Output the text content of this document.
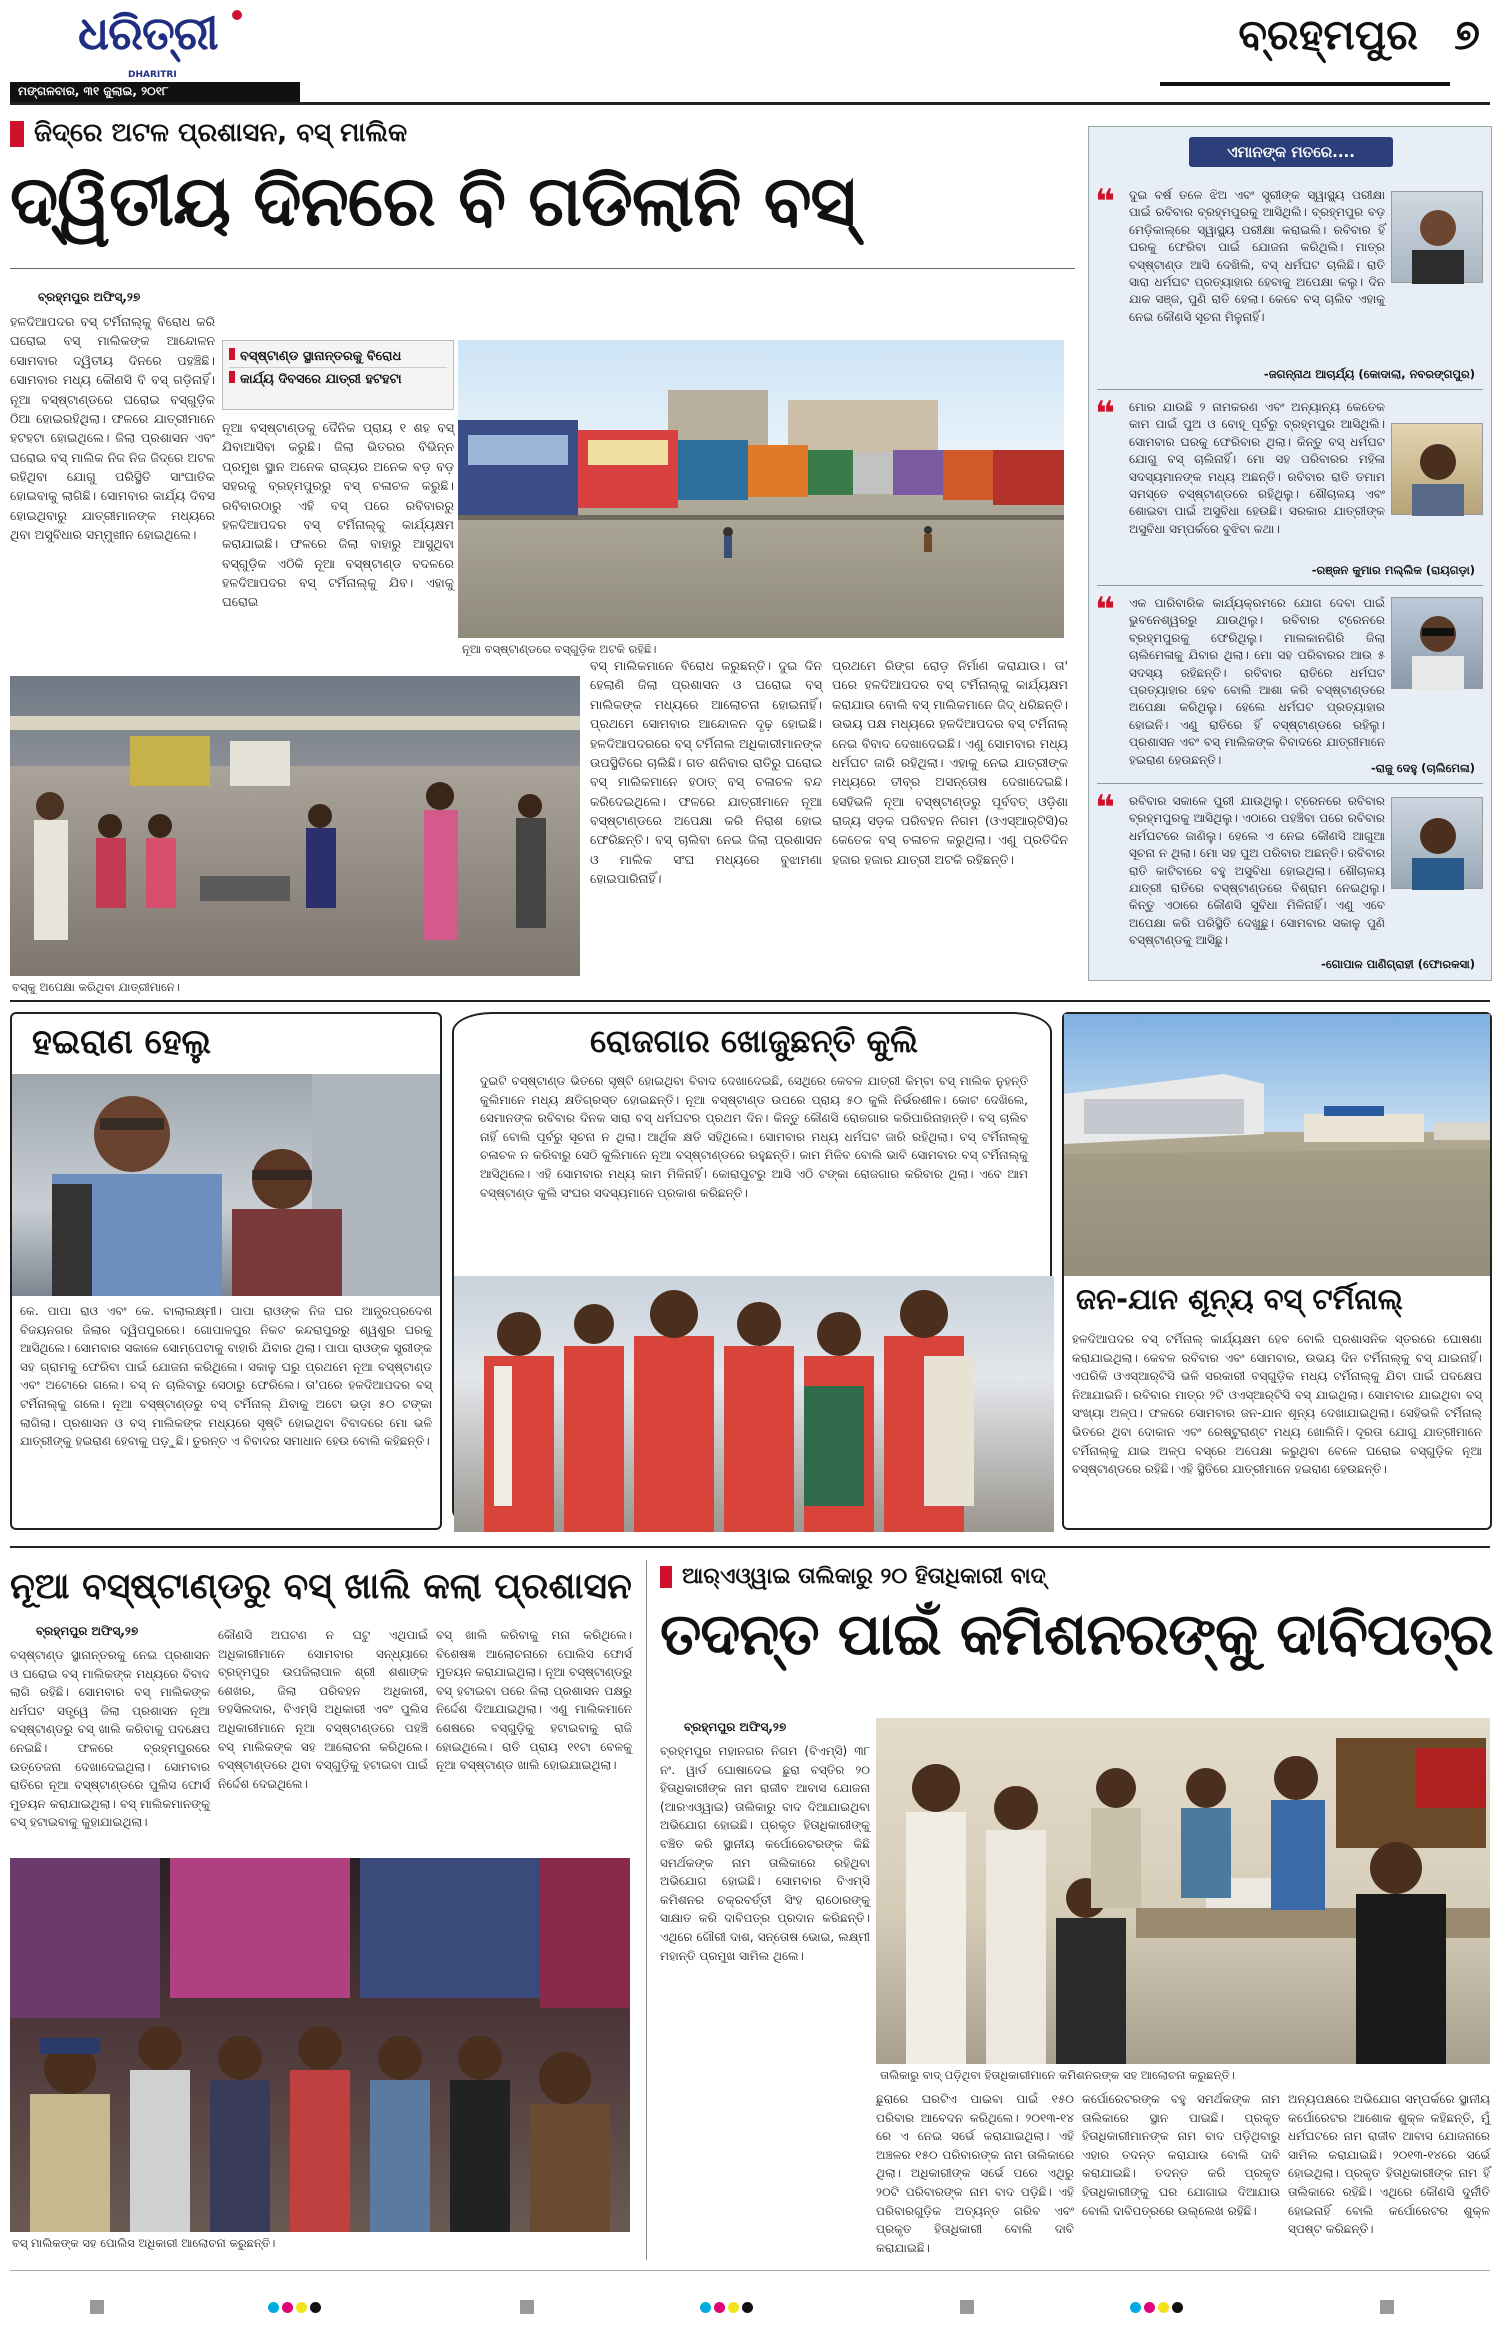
ଧରିତ୍ରୀ
DHARITRI
ମଙ୍ଗଳବାର, ୩୧ ଜୁଲାଇ, ୨୦୧୮
ବ୍ରହ୍ମପୁର ୭
ଜିଦ୍‌ରେ ଅଟଳ ପ୍ରଶାସନ, ବସ୍ ମାଲିକ
ଦ୍ୱିତୀୟ ଦିନରେ ବି ଗଡିଲାନି ବସ୍
ବ୍ରହ୍ମପୁର ଅଫିସ୍,୨୭
ହଳଦିଆପଦର ବସ୍ ଟର୍ମିନାଲ୍‌କୁ ବିରୋଧ କରି ଘରୋଇ ବସ୍ ମାଲିକଙ୍କ ଆନ୍ଦୋଳନ ସୋମବାର ଦ୍ୱିତୀୟ ଦିନରେ ପହଞ୍ଚିଛି। ସୋମବାର ମଧ୍ୟ କୌଣସି ବି ବସ୍ ଗଡ଼ିନାହିଁ। ନୂଆ ବସ୍‌ଷ୍ଟାଣ୍ଡରେ ଘରୋଇ ବସ୍‌ଗୁଡ଼ିକ ଠିଆ ହୋଇରହିଥିଲା। ଫଳରେ ଯାତ୍ରୀମାନେ ହଟହଟା ହୋଇଥିଲେ। ଜିଲା ପ୍ରଶାସନ ଏବଂ ଘରୋଇ ବସ୍ ମାଲିକ ନିଜ ନିଜ ଜିଦ୍‌ରେ ଅଟଳ ରହିଥିବା ଯୋଗୁ ପରିସ୍ଥିତି ସାଂଘାତିକ ହୋଇବାକୁ ଲାଗିଛି। ସୋମବାର କାର୍ଯ୍ୟ ଦିବସ ହୋଇଥିବାରୁ ଯାତ୍ରୀମାନଙ୍କ ମଧ୍ୟରେ ଥିବା ଅସୁବିଧାର ସମ୍ମୁଖୀନ ହୋଇଥିଲେ।
ବସ୍‌ଷ୍ଟାଣ୍ଡ ସ୍ଥାନାନ୍ତରକୁ ବିରୋଧ
କାର୍ଯ୍ୟ ଦିବସରେ ଯାତ୍ରୀ ହଟହଟା
ନୂଆ ବସ୍‌ଷ୍ଟାଣ୍ଡକୁ ଦୈନିକ ପ୍ରାୟ ୧ ଶହ ବସ୍ ଯିବାଆସିବା କରୁଛି। ଜିଲା ଭିତରର ବିଭିନ୍ନ ପ୍ରମୁଖ ସ୍ଥାନ ଅନେକ ରାଜ୍ୟର ଅନେକ ବଡ଼ ବଡ଼ ସହରକୁ ବ୍ରହ୍ମପୁରରୁ ବସ୍ ଚଳାଚଳ କରୁଛି। ରବିବାରଠାରୁ ଏହି ବସ୍ ପରେ ରବିବାରରୁ ହଳଦିଆପଦର ବସ୍ ଟର୍ମିନାଲ୍‌କୁ କାର୍ଯ୍ୟକ୍ଷମ କରାଯାଇଛି। ଫଳରେ ଜିଲା ବାହାରୁ ଆସୁଥିବା ବସ୍‌ଗୁଡ଼ିକ ଏଠିକି ନୂଆ ବସ୍‌ଷ୍ଟାଣ୍ଡ ବଦଳରେ ହଳଦିଆପଦର ବସ୍ ଟର୍ମିନାଲ୍‌କୁ ଯିବ। ଏହାକୁ ଘରୋଇ
ନୂଆ ବସ୍‌ଷ୍ଟାଣ୍ଡରେ ବସ୍‌ଗୁଡ଼ିକ ଅଟକି ରହିଛି।
ବସ୍‌କୁ ଅପେକ୍ଷା କରିଥିବା ଯାତ୍ରୀମାନେ।
ବସ୍ ମାଲିକମାନେ ବିରୋଧ କରୁଛନ୍ତି। ଦୁଇ ଦିନ ହେଲାଣି ଜିଲା ପ୍ରଶାସନ ଓ ଘରୋଇ ବସ୍ ମାଲିକଙ୍କ ମଧ୍ୟରେ ଆଲୋଚନା ହୋଇନାହିଁ। ପ୍ରଥମେ ସୋମବାର ଆନ୍ଦୋଳନ ଦୃଢ଼ ହୋଇଛି। ହଳଦିଆପଦରରେ ବସ୍ ଟର୍ମିନାଲ ଅଧିକାରୀମାନଙ୍କ ଉପସ୍ଥିତିରେ ଚାଲିଛି। ଗତ ଶନିବାର ରାତିରୁ ଘରୋଇ ବସ୍ ମାଲିକମାନେ ହଠାତ୍ ବସ୍ ଚଳାଚଳ ବନ୍ଦ କରିଦେଇଥିଲେ। ଫଳରେ ଯାତ୍ରୀମାନେ ନୂଆ ବସ୍‌ଷ୍ଟାଣ୍ଡରେ ଅପେକ୍ଷା କରି ନିରାଶ ହୋଇ ଫେରିଛନ୍ତି। ବସ୍ ଚାଲିବା ନେଇ ଜିଲା ପ୍ରଶାସନ ଓ ମାଲିକ ସଂଘ ମଧ୍ୟରେ ବୁଝାମଣା ହୋଇପାରିନାହିଁ।
ପ୍ରଥମେ ରିଙ୍ଗ ରୋଡ଼ ନିର୍ମାଣ କରାଯାଉ। ତା' ପରେ ହଳଦିଆପଦର ବସ୍ ଟର୍ମିନାଲ୍‌କୁ କାର୍ଯ୍ୟକ୍ଷମ କରାଯାଉ ବୋଲି ବସ୍ ମାଲିକମାନେ ଜିଦ୍ ଧରିଛନ୍ତି। ଉଭୟ ପକ୍ଷ ମଧ୍ୟରେ ହଳଦିଆପଦର ବସ୍ ଟର୍ମିନାଲ୍ ନେଇ ବିବାଦ ଦେଖାଦେଇଛି। ଏଣୁ ସୋମବାର ମଧ୍ୟ ଧର୍ମଘଟ ଜାରି ରହିଥିଲା। ଏହାକୁ ନେଇ ଯାତ୍ରୀଙ୍କ ମଧ୍ୟରେ ତୀବ୍ର ଅସନ୍ତୋଷ ଦେଖାଦେଇଛି। ସେହିଭଳି ନୂଆ ବସ୍‌ଷ୍ଟାଣ୍ଡରୁ ପୂର୍ବବତ୍ ଓଡ଼ିଶା ରାଜ୍ୟ ସଡ଼କ ପରିବହନ ନିଗମ (ଓଏସ୍‌ଆର୍‌ଟିସି)ର କେତେକ ବସ୍ ଚଳାଚଳ କରୁଥିଲା। ଏଣୁ ପ୍ରତିଦିନ ହଜାର ହଜାର ଯାତ୍ରୀ ଅଟକି ରହିଛନ୍ତି।
ଏମାନଙ୍କ ମତରେ....
❝ ଦୁଇ ବର୍ଷ ତଳେ ଝିଅ ଏବଂ ସ୍ତ୍ରୀଙ୍କ ସ୍ୱାସ୍ଥ୍ୟ ପରୀକ୍ଷା ପାଇଁ ରବିବାର ବ୍ରହ୍ମପୁରକୁ ଆସିଥିଲି। ବ୍ରହ୍ମପୁର ବଡ଼ ମେଡ଼ିକାଲ୍‌ରେ ସ୍ୱାସ୍ଥ୍ୟ ପରୀକ୍ଷା କରାଇଲି। ରବିବାର ହିଁ ଘରକୁ ଫେରିବା ପାଇଁ ଯୋଜନା କରିଥିଲି। ମାତ୍ର ବସ୍‌ଷ୍ଟାଣ୍ଡ ଆସି ଦେଖିଲି, ବସ୍ ଧର୍ମଘଟ ଚାଲିଛି। ରାତି ସାରା ଧର୍ମଘଟ ପ୍ରତ୍ୟାହାର ହେବାକୁ ଅପେକ୍ଷା କଲୁ। ଦିନ ଯାକ ସଞ୍ଜ, ପୁଣି ରାତି ହେଲା। କେବେ ବସ୍ ଚାଲିବ ଏହାକୁ ନେଇ କୌଣସି ସୂଚନା ମିଳୁନାହିଁ।
-ଜଗନ୍ନାଥ ଆଚାର୍ଯ୍ୟ (କୋଦାଲା, ନବରଙ୍ଗପୁର)
❝ ମୋର ଯାଉଛି ୨ ନାମକରଣ ଏବଂ ଅନ୍ୟାନ୍ୟ କେତେକ କାମ ପାଇଁ ପୁଅ ଓ ବୋହୂ ପୂର୍ବରୁ ବ୍ରହ୍ମପୁର ଆସିଥିଲି। ସୋମବାର ଘରକୁ ଫେରିବାର ଥିଲା। କିନ୍ତୁ ବସ୍ ଧର୍ମଘଟ ଯୋଗୁ ବସ୍ ଚାଲିନାହିଁ। ମୋ ସହ ପରିବାରର ମହିଳା ସଦସ୍ୟମାନଙ୍କ ମଧ୍ୟ ଅଛନ୍ତି। ରବିବାର ରାତି ତମାମ ସମସ୍ତେ ବସ୍‌ଷ୍ଟାଣ୍ଡରେ ରହିଥିଲୁ। ଶୌଚାଳୟ ଏବଂ ଶୋଇବା ପାଇଁ ଅସୁବିଧା ହେଉଛି। ସରକାର ଯାତ୍ରୀଙ୍କ ଅସୁବିଧା ସମ୍ପର୍କରେ ବୁଝିବା କଥା।
-ରଞ୍ଜନ କୁମାର ମଲ୍ଲିକ (ରାୟଗଡ଼ା)
❝ ଏକ ପାରିବାରିକ କାର୍ଯ୍ୟକ୍ରମରେ ଯୋଗ ଦେବା ପାଇଁ ଭୁବନେଶ୍ୱରରୁ ଯାଉଥିଲୁ। ରବିବାର ଟ୍ରେନରେ ବ୍ରହ୍ମପୁରକୁ ଫେରିଥିଲୁ। ମାଲକାନଗିରି ଜିଲା ଚାଲିମେଳାକୁ ଯିବାର ଥିଲା। ମୋ ସହ ପରିବାରର ଆଉ ୫ ସଦସ୍ୟ ରହିଛନ୍ତି। ରବିବାର ରାତିରେ ଧର୍ମଘଟ ପ୍ରତ୍ୟାହାର ହେବ ବୋଲି ଆଶା କରି ବସ୍‌ଷ୍ଟାଣ୍ଡରେ ଅପେକ୍ଷା କରିଥିଲୁ। ହେଲେ ଧର୍ମଘଟ ପ୍ରତ୍ୟାହାର ହୋଇନି। ଏଣୁ ରାତିରେ ହିଁ ବସ୍‌ଷ୍ଟାଣ୍ଡରେ ରହିଲୁ। ପ୍ରଶାସନ ଏବଂ ବସ୍ ମାଲିକଙ୍କ ବିବାଦରେ ଯାତ୍ରୀମାନେ ହଇରାଣ ହେଉଛନ୍ତି।
-ରାଜୁ ଦେହୁ (ଚାଲିମେଳା)
❝ ରବିବାର ସକାଳେ ପୁରୀ ଯାଉଥିଲୁ। ଟ୍ରେନରେ ରବିବାର ବ୍ରହ୍ମପୁରକୁ ଆସିଥିଲୁ। ଏଠାରେ ପହଞ୍ଚିବା ପରେ ରବିବାର ଧର୍ମଘଟରେ ଜାଣିଲୁ। ହେଲେ ଏ ନେଇ କୌଣସି ଆଗୁଆ ସୂଚନା ନ ଥିଲା। ମୋ ସହ ପୁଅ ପରିବାର ଅଛନ୍ତି। ରବିବାର ରାତି କାଟିବାରେ ବହୁ ଅସୁବିଧା ହୋଇଥିଲା। ଶୌଚାଳୟ ଯାତ୍ରୀ ରାତିରେ ବସ୍‌ଷ୍ଟାଣ୍ଡରେ ବିଶ୍ରାମ ନେଇଥିଲୁ। କିନ୍ତୁ ଏଠାରେ କୌଣସି ସୁବିଧା ମିଳିନାହିଁ। ଏଣୁ ଏବେ ଅପେକ୍ଷା କରି ପରିସ୍ଥିତି ଦେଖୁଛୁ। ସୋମବାର ସକାଳୁ ପୁଣି ବସ୍‌ଷ୍ଟାଣ୍ଡକୁ ଆସିଛୁ।
-ଗୋପାଳ ପାଣିଗ୍ରାହୀ (ଫୋରକସା)
ହଇରାଣ ହେଲୁ
କେ. ପାପା ରାଓ ଏବଂ କେ. ବାଲାଲକ୍ଷ୍ମୀ। ପାପା ରାଓଙ୍କ ନିଜ ଘର ଆନ୍ଧ୍ରପ୍ରଦେଶ ବିଜୟନଗର ଜିଲାର ଦ୍ୱିପପୁରରେ। ଗୋପାଳପୁର ନିକଟ କନ୍ଦରାପୁରରୁ ଶ୍ୱଶୁର ଘରକୁ ଆସିଥିଲେ। ସୋମବାର ସକାଳେ ସୋମ୍ପେଟାକୁ ବାହାରି ଯିବାର ଥିଲା। ପାପା ରାଓଙ୍କ ସ୍ତ୍ରୀଙ୍କ ସହ ଗ୍ରାମକୁ ଫେରିବା ପାଇଁ ଯୋଜନା କରିଥିଲେ। ସକାଳୁ ଘରୁ ପ୍ରଥମେ ନୂଆ ବସ୍‌ଷ୍ଟାଣ୍ଡ ଏବଂ ଅଟୋରେ ଗଲେ। ବସ୍ ନ ଚାଲିବାରୁ ସେଠାରୁ ଫେରିଲେ। ତା'ପରେ ହଳଦିଆପଦର ବସ୍ ଟର୍ମିନାଲ୍‌କୁ ଗଲେ। ନୂଆ ବସ୍‌ଷ୍ଟାଣ୍ଡରୁ ବସ୍ ଟର୍ମିନାଲ୍ ଯିବାକୁ ଅଟୋ ଭଡ଼ା ୫୦ ଟଙ୍କା ଲାଗିଲା। ପ୍ରଶାସନ ଓ ବସ୍ ମାଲିକଙ୍କ ମଧ୍ୟରେ ସୃଷ୍ଟି ହୋଇଥିବା ବିବାଦରେ ମୋ ଭଳି ଯାତ୍ରୀଙ୍କୁ ହଇରାଣ ହେବାକୁ ପଡ଼ୁଛି। ତୁରନ୍ତ ଏ ବିବାଦର ସମାଧାନ ହେଉ ବୋଲି କହିଛନ୍ତି।
ରୋଜଗାର ଖୋଜୁଛନ୍ତି କୁଲି
ଦୁଇଟି ବସ୍‌ଷ୍ଟାଣ୍ଡ ଭିତରେ ସୃଷ୍ଟି ହୋଇଥିବା ବିବାଦ ଦେଖାଦେଇଛି, ସେଥିରେ କେବଳ ଯାତ୍ରୀ କିମ୍ବା ବସ୍ ମାଲିକ ନୁହନ୍ତି କୁଲିମାନେ ମଧ୍ୟ କ୍ଷତିଗ୍ରସ୍ତ ହୋଇଛନ୍ତି। ନୂଆ ବସ୍‌ଷ୍ଟାଣ୍ଡ ଉପରେ ପ୍ରାୟ ୫୦ କୁଲି ନିର୍ଭରଶୀଳ। କୋଟ ଦେଖିଲେ, ସେମାନଙ୍କ ରବିବାର ଦିନକ ସାରା ବସ୍ ଧର୍ମଘଟର ପ୍ରଥମ ଦିନ। କିନ୍ତୁ କୌଣସି ରୋଜଗାର କରିପାରିନାହାନ୍ତି। ବସ୍ ଚାଲିବ ନାହିଁ ବୋଲି ପୂର୍ବରୁ ସୂଚନା ନ ଥିଲା। ଆର୍ଥିକ କ୍ଷତି ସହିଥିଲେ। ସୋମବାର ମଧ୍ୟ ଧର୍ମଘଟ ଜାରି ରହିଥିଲା। ବସ୍ ଟର୍ମିନାଲ୍‌କୁ ଚଳାଚଳ ନ କରିବାରୁ ସେଠି କୁଲିମାନେ ନୂଆ ବସ୍‌ଷ୍ଟାଣ୍ଡରେ ରହୁଛନ୍ତି। କାମ ମିଳିବ ବୋଲି ଭାବି ସୋମବାର ବସ୍ ଟର୍ମିନାଲ୍‌କୁ ଆସିଥିଲେ। ଏହି ସୋମବାର ମଧ୍ୟ କାମ ମିଳିନାହିଁ। କୋରାପୁଟରୁ ଆସି ଏଠି ଟଙ୍କା ରୋଜଗାର କରିବାର ଥିଲା। ଏବେ ଆମ ବସ୍‌ଷ୍ଟାଣ୍ଡ କୁଲି ସଂଘର ସଦସ୍ୟମାନେ ପ୍ରକାଶ କରିଛନ୍ତି।
ଜନ-ଯାନ ଶୂନ୍ୟ ବସ୍ ଟର୍ମିନାଲ୍
ହଳଦିଆପଦର ବସ୍ ଟର୍ମିନାଲ୍ କାର୍ଯ୍ୟକ୍ଷମ ହେବ ବୋଲି ପ୍ରଶାସନିକ ସ୍ତରରେ ଘୋଷଣା କରାଯାଇଥିଲା। କେବଳ ରବିବାର ଏବଂ ସୋମବାର, ଉଭୟ ଦିନ ଟର୍ମିନାଲ୍‌କୁ ବସ୍ ଯାଇନାହିଁ। ଏପରିକି ଓଏସ୍‌ଆର୍‌ଟିସି ଭଳି ସରକାରୀ ବସ୍‌ଗୁଡ଼ିକ ମଧ୍ୟ ଟର୍ମିନାଲ୍‌କୁ ଯିବା ପାଇଁ ପଦକ୍ଷେପ ନିଆଯାଇନି। ରବିବାର ମାତ୍ର ୨ଟି ଓଏସ୍‌ଆର୍‌ଟିସି ବସ୍ ଯାଇଥିଲା। ସୋମବାର ଯାଇଥିବା ବସ୍ ସଂଖ୍ୟା ଅଳ୍ପ। ଫଳରେ ସୋମବାର ଜନ-ଯାନ ଶୂନ୍ୟ ଦେଖାଯାଇଥିଲା। ସେହିଭଳି ଟର୍ମିନାଲ୍ ଭିତରେ ଥିବା ଦୋକାନ ଏବଂ ରେଷ୍ଟୁରାଣ୍ଟ ମଧ୍ୟ ଖୋଲିନି। ଦୂରତା ଯୋଗୁ ଯାତ୍ରୀମାନେ ଟର୍ମିନାଲ୍‌କୁ ଯାଇ ଅଳ୍ପ ବସ୍‌ରେ ଅପେକ୍ଷା କରୁଥିବା ବେଳେ ଘରୋଇ ବସ୍‌ଗୁଡ଼ିକ ନୂଆ ବସ୍‌ଷ୍ଟାଣ୍ଡରେ ରହିଛି। ଏହି ସ୍ଥିତିରେ ଯାତ୍ରୀମାନେ ହଇରାଣ ହେଉଛନ୍ତି।
ନୂଆ ବସ୍‌ଷ୍ଟାଣ୍ଡରୁ ବସ୍ ଖାଲି କଲା ପ୍ରଶାସନ
ବ୍ରହ୍ମପୁର ଅଫିସ୍,୨୭
ବସ୍‌ଷ୍ଟାଣ୍ଡ ସ୍ଥାନାନ୍ତରକୁ ନେଇ ପ୍ରଶାସନ ଓ ଘରୋଇ ବସ୍ ମାଲିକଙ୍କ ମଧ୍ୟରେ ବିବାଦ ଲାଗି ରହିଛି। ସୋମବାର ବସ୍ ମାଲିକଙ୍କ ଧର୍ମଘଟ ସତ୍ତ୍ୱେ ଜିଲା ପ୍ରଶାସନ ନୂଆ ବସ୍‌ଷ୍ଟାଣ୍ଡରୁ ବସ୍ ଖାଲି କରିବାକୁ ପଦକ୍ଷେପ ନେଇଛି। ଫଳରେ ବ୍ରହ୍ମପୁରରେ ଉତ୍ତେଜନା ଦେଖାଦେଇଥିଲା। ସୋମବାର ରାତିରେ ନୂଆ ବସ୍‌ଷ୍ଟାଣ୍ଡରେ ପୁଲିସ ଫୋର୍ସ ମୁତୟନ କରାଯାଇଥିଲା। ବସ୍ ମାଲିକମାନଙ୍କୁ ବସ୍ ହଟାଇବାକୁ କୁହାଯାଇଥିଲା।
କୌଣସି ଅଘଟଣ ନ ଘଟୁ ଏଥିପାଇଁ ଅଧିକାରୀମାନେ ସୋମବାର ସନ୍ଧ୍ୟାରେ ବ୍ରହ୍ମପୁର ଉପଜିଲାପାଳ ଶ୍ରୀ ଶଶାଙ୍କ ଶେଖର, ଜିଲା ପରିବହନ ଅଧିକାରୀ, ତହସିଲଦାର, ବିଏମ୍‌ସି ଅଧିକାରୀ ଏବଂ ପୁଲିସ ଅଧିକାରୀମାନେ ନୂଆ ବସ୍‌ଷ୍ଟାଣ୍ଡରେ ପହଞ୍ଚି ବସ୍ ମାଲିକଙ୍କ ସହ ଆଲୋଚନା କରିଥିଲେ। ବସ୍‌ଷ୍ଟାଣ୍ଡରେ ଥିବା ବସ୍‌ଗୁଡ଼ିକୁ ହଟାଇବା ପାଇଁ ନିର୍ଦ୍ଦେଶ ଦେଇଥିଲେ।
ବସ୍ ଖାଲି କରିବାକୁ ମନା କରିଥିଲେ। ବିଶେଷଜ୍ଞ ଆଲୋଚନାରେ ପୋଲିସ ଫୋର୍ସ ମୁତୟନ କରାଯାଇଥିଲା। ନୂଆ ବସ୍‌ଷ୍ଟାଣ୍ଡରୁ ବସ୍ ହଟାଇବା ପରେ ଜିଲା ପ୍ରଶାସନ ପକ୍ଷରୁ ନିର୍ଦ୍ଦେଶ ଦିଆଯାଇଥିଲା। ଏଣୁ ମାଲିକମାନେ ଶେଷରେ ବସ୍‌ଗୁଡ଼ିକୁ ହଟାଇବାକୁ ରାଜି ହୋଇଥିଲେ। ରାତି ପ୍ରାୟ ୧୧ଟା ବେଳକୁ ନୂଆ ବସ୍‌ଷ୍ଟାଣ୍ଡ ଖାଲି ହୋଇଯାଇଥିଲା।
ବସ୍ ମାଲିକଙ୍କ ସହ ପୋଲିସ ଅଧିକାରୀ ଆଲୋଚନା କରୁଛନ୍ତି।
ଆର୍‌ଏଓ୍ୱାଇ ତାଲିକାରୁ ୨୦ ହିତାଧିକାରୀ ବାଦ୍
ତଦନ୍ତ ପାଇଁ କମିଶନରଙ୍କୁ ଦାବିପତ୍ର
ବ୍ରହ୍ମପୁର ଅଫିସ୍,୨୭
ବ୍ରହ୍ମପୁର ମହାନଗର ନିଗମ (ବିଏମ୍‌ସି) ୩୮ ନଂ. ୱାର୍ଡ ଘୋଷାଦେଇ ଛୁରା ବସ୍ତିର ୨୦ ହିତାଧିକାରୀଙ୍କ ନାମ ରାଜୀବ ଆବାସ ଯୋଜନା (ଆରଏଓ୍ୱାଇ) ତାଲିକାରୁ ବାଦ ଦିଆଯାଇଥିବା ଅଭିଯୋଗ ହୋଇଛି। ପ୍ରକୃତ ହିତାଧିକାରୀଙ୍କୁ ବଞ୍ଚିତ କରି ସ୍ଥାନୀୟ କର୍ପୋରେଟରଙ୍କ କିଛି ସମର୍ଥକଙ୍କ ନାମ ତାଲିକାରେ ରହିଥିବା ଅଭିଯୋଗ ହୋଇଛି। ସୋମବାର ବିଏମ୍‌ସି କମିଶନର ଚକ୍ରବର୍ତ୍ତୀ ସିଂହ ରାଠୋରଙ୍କୁ ସାକ୍ଷାତ କରି ଦାବିପତ୍ର ପ୍ରଦାନ କରିଛନ୍ତି। ଏଥିରେ ଗୌରୀ ଦାଶ, ସନ୍ତୋଷ ଭୋଇ, ଲକ୍ଷ୍ମୀ ମହାନ୍ତି ପ୍ରମୁଖ ସାମିଲ ଥିଲେ।
ତାଲିକାରୁ ବାଦ୍ ପଡ଼ିଥିବା ହିତାଧିକାରୀମାନେ କମିଶନରଙ୍କ ସହ ଆଲୋଚନା କରୁଛନ୍ତି।
ଛୁରାରେ ଘରଟିଏ ପାଇବା ପାଇଁ ୧୫୦ ପରିବାର ଆବେଦନ କରିଥିଲେ। ୨୦୧୩-୧୪ ରେ ଏ ନେଇ ସର୍ଭେ କରାଯାଇଥିଲା। ଏହି ଅଞ୍ଚଳର ୧୫୦ ପରିବାରଙ୍କ ନାମ ତାଲିକାରେ ଥିଲା। ଅଧିକାରୀଙ୍କ ସର୍ଭେ ପରେ ଏଥିରୁ ୨୦ଟି ପରିବାରଙ୍କ ନାମ ବାଦ ପଡ଼ିଛି। ଏହି ପରିବାରଗୁଡ଼ିକ ଅତ୍ୟନ୍ତ ଗରିବ ଏବଂ ପ୍ରକୃତ ହିତାଧିକାରୀ ବୋଲି ଦାବି କରାଯାଇଛି।
କର୍ପୋରେଟରଙ୍କ ବହୁ ସମର୍ଥକଙ୍କ ନାମ ତାଲିକାରେ ସ୍ଥାନ ପାଇଛି। ପ୍ରକୃତ ହିତାଧିକାରୀମାନଙ୍କ ନାମ ବାଦ ପଡ଼ିଥିବାରୁ ଏହାର ତଦନ୍ତ କରାଯାଉ ବୋଲି ଦାବି କରାଯାଇଛି। ତଦନ୍ତ କରି ପ୍ରକୃତ ହିତାଧିକାରୀଙ୍କୁ ଘର ଯୋଗାଇ ଦିଆଯାଉ ବୋଲି ଦାବିପତ୍ରରେ ଉଲ୍ଲେଖ ରହିଛି।
ଅନ୍ୟପକ୍ଷରେ ଅଭିଯୋଗ ସମ୍ପର୍କରେ ସ୍ଥାନୀୟ କର୍ପୋରେଟର ଆଶୋକ ଶୁକ୍ଳ କହିଛନ୍ତି, ମୁଁ ଧର୍ମଘଟରେ ନାମ ରାଜୀବ ଆବାସ ଯୋଜନାରେ ସାମିଲ କରାଯାଇଛି। ୨୦୧୩-୧୪ରେ ସର୍ଭେ ହୋଇଥିଲା। ପ୍ରକୃତ ହିତାଧିକାରୀଙ୍କ ନାମ ହିଁ ତାଲିକାରେ ରହିଛି। ଏଥିରେ କୌଣସି ଦୁର୍ନୀତି ହୋଇନାହିଁ ବୋଲି କର୍ପୋରେଟର ଶୁକ୍ଳ ସ୍ପଷ୍ଟ କରିଛନ୍ତି।
